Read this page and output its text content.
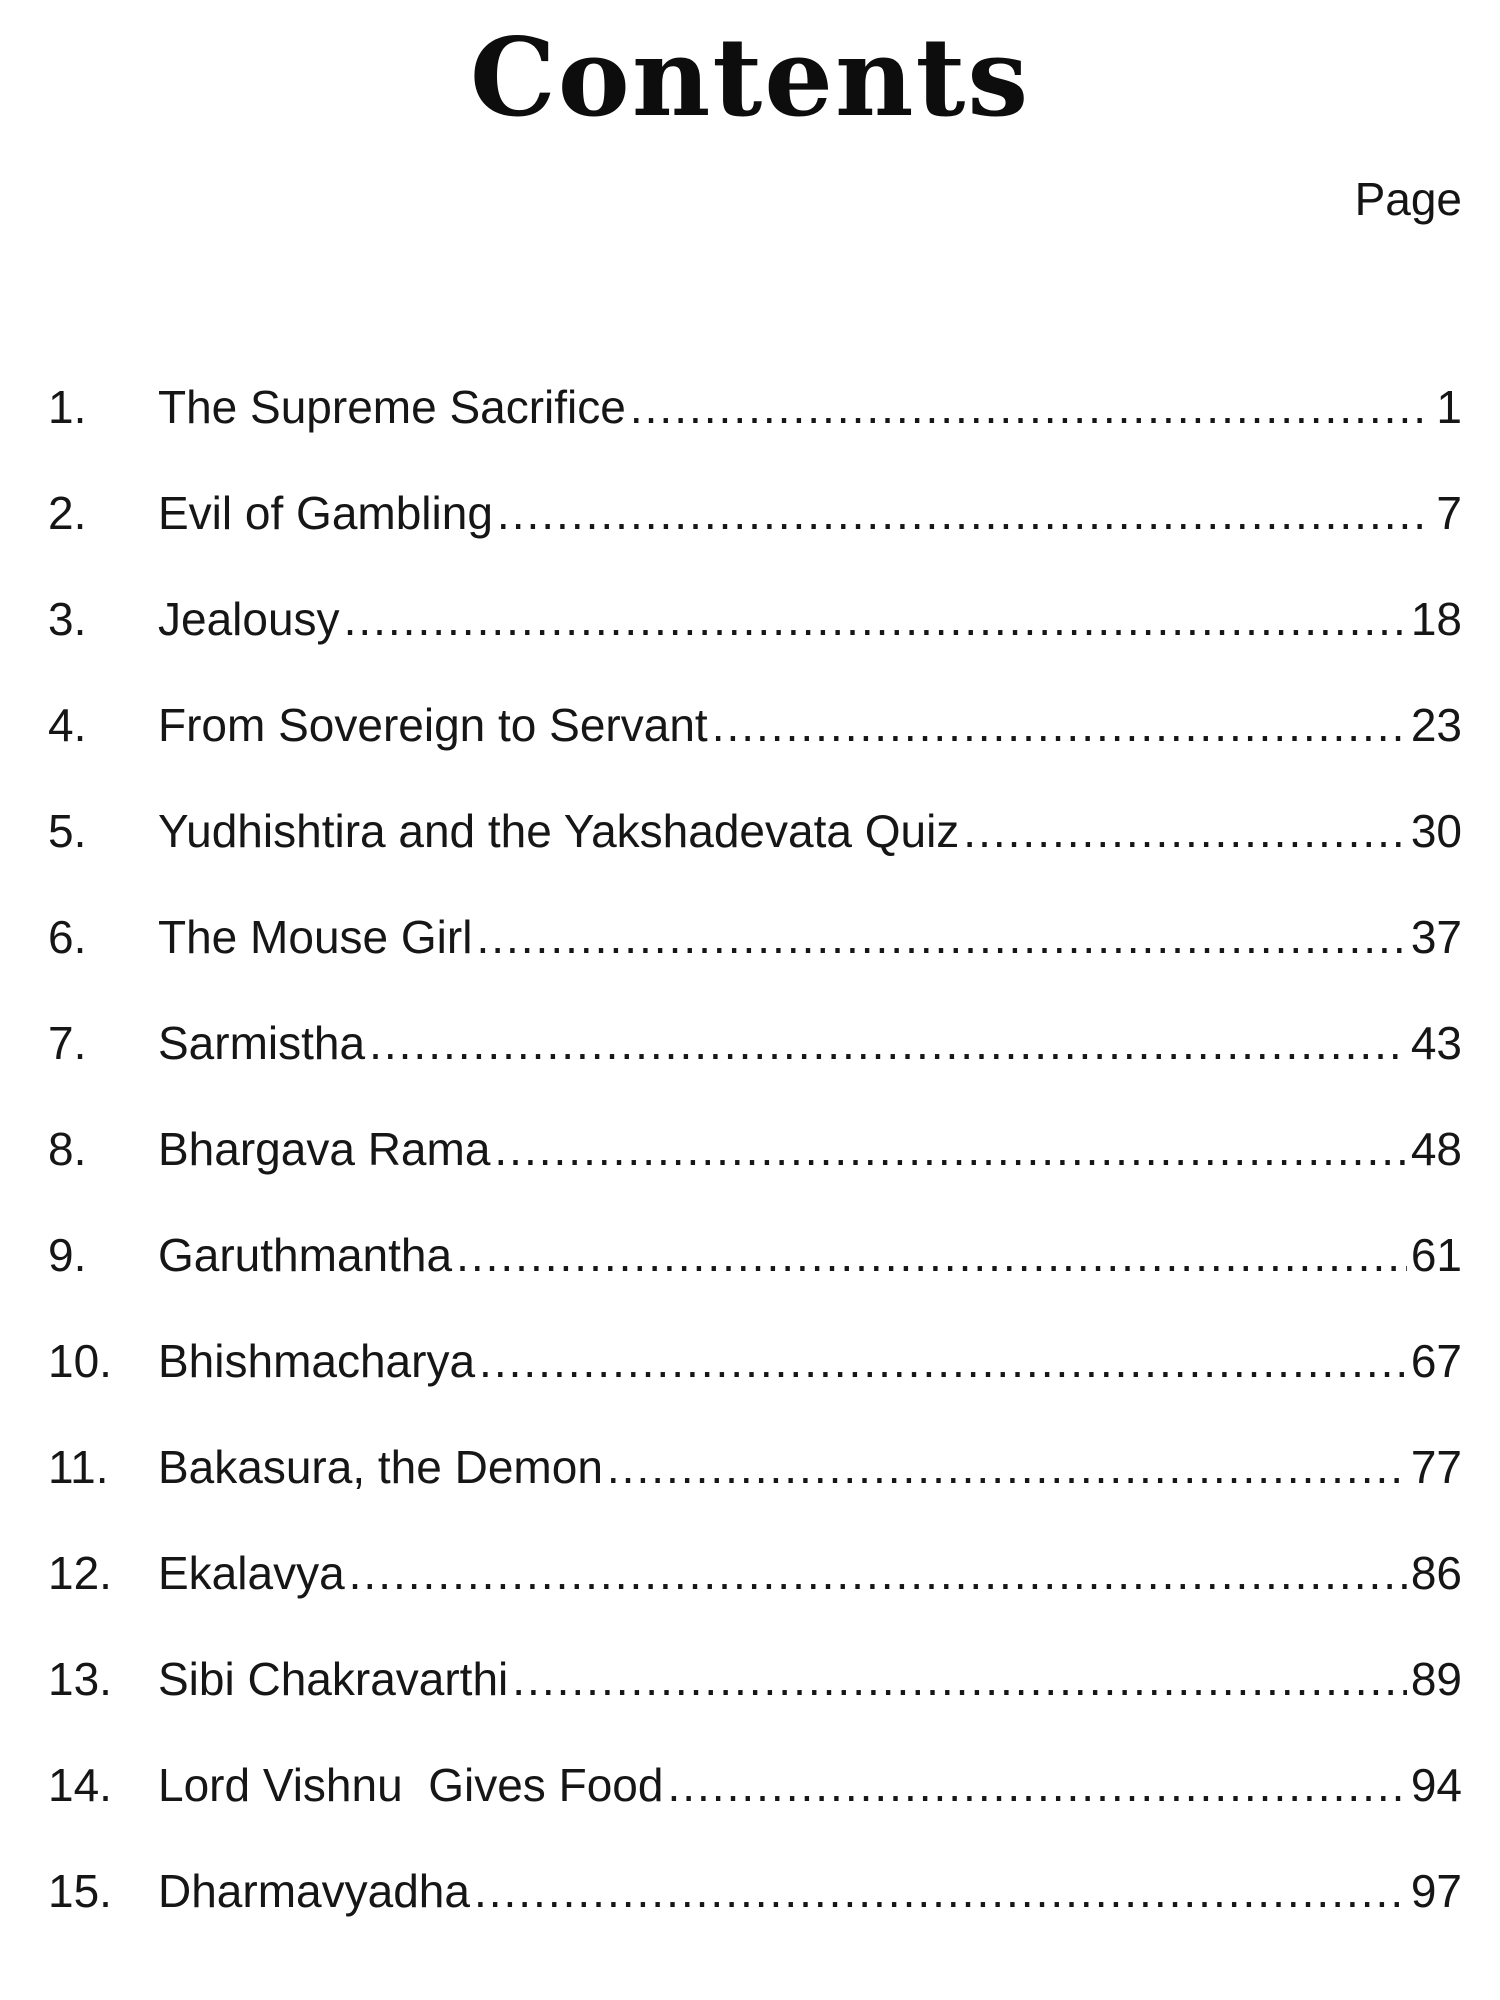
Contents
Page
1.	The Supreme Sacrifice .....	1
2.	Evil of Gambling .....	7
3.	Jealousy .....	18
4.	From Sovereign to Servant .....	23
5.	Yudhishtira and the Yakshadevata Quiz .....	30
6.	The Mouse Girl .....	37
7.	Sarmistha .....	43
8.	Bhargava Rama .....	48
9.	Garuthmantha .....	61
10.	Bhishmacharya .....	67
11.	Bakasura, the Demon .....	77
12.	Ekalavya .....	86
13.	Sibi Chakravarthi .....	89
14.	Lord Vishnu  Gives Food .....	94
15.	Dharmavyadha .....	97
